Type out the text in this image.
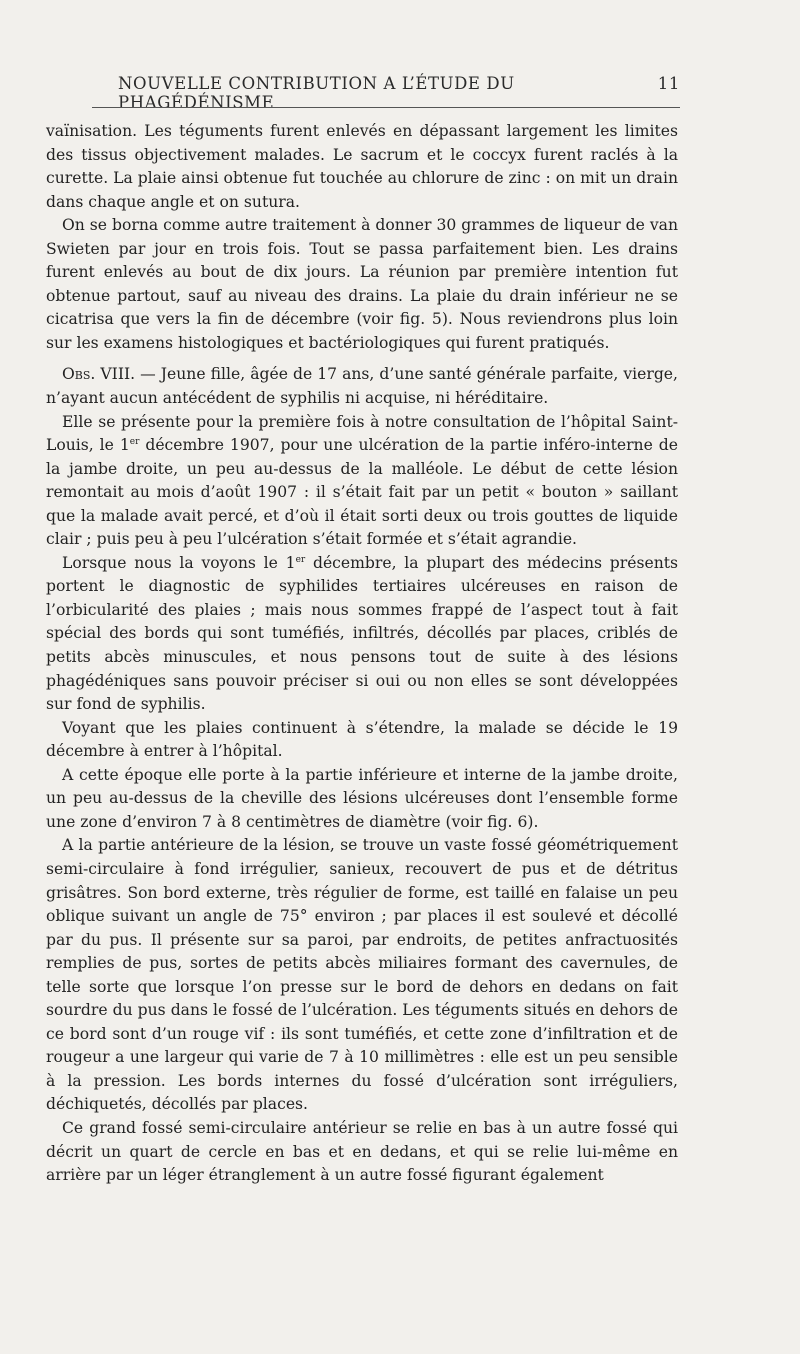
NOUVELLE CONTRIBUTION A L’ÉTUDE DU PHAGÉDÉNISME
11

vaïnisation. Les téguments furent enlevés en dépassant largement les limites des tissus objectivement malades. Le sacrum et le coccyx furent raclés à la curette. La plaie ainsi obtenue fut touchée au chlorure de zinc : on mit un drain dans chaque angle et on sutura.

On se borna comme autre traitement à donner 30 grammes de liqueur de van Swieten par jour en trois fois. Tout se passa parfaitement bien. Les drains furent enlevés au bout de dix jours. La réunion par première intention fut obtenue partout, sauf au niveau des drains. La plaie du drain inférieur ne se cicatrisa que vers la fin de décembre (voir fig. 5). Nous reviendrons plus loin sur les examens histologiques et bactériologiques qui furent pratiqués.

Obs. VIII. — Jeune fille, âgée de 17 ans, d’une santé générale parfaite, vierge, n’ayant aucun antécédent de syphilis ni acquise, ni héréditaire.

Elle se présente pour la première fois à notre consultation de l’hôpital Saint-Louis, le 1er décembre 1907, pour une ulcération de la partie inféro-interne de la jambe droite, un peu au-dessus de la malléole. Le début de cette lésion remontait au mois d’août 1907 : il s’était fait par un petit « bouton » saillant que la malade avait percé, et d’où il était sorti deux ou trois gouttes de liquide clair ; puis peu à peu l’ulcération s’était formée et s’était agrandie.

Lorsque nous la voyons le 1er décembre, la plupart des médecins présents portent le diagnostic de syphilides tertiaires ulcéreuses en raison de l’orbicularité des plaies ; mais nous sommes frappé de l’aspect tout à fait spécial des bords qui sont tuméfiés, infiltrés, décollés par places, criblés de petits abcès minuscules, et nous pensons tout de suite à des lésions phagédéniques sans pouvoir préciser si oui ou non elles se sont développées sur fond de syphilis.

Voyant que les plaies continuent à s’étendre, la malade se décide le 19 décembre à entrer à l’hôpital.

A cette époque elle porte à la partie inférieure et interne de la jambe droite, un peu au-dessus de la cheville des lésions ulcéreuses dont l’ensemble forme une zone d’environ 7 à 8 centimètres de diamètre (voir fig. 6).

A la partie antérieure de la lésion, se trouve un vaste fossé géométriquement semi-circulaire à fond irrégulier, sanieux, recouvert de pus et de détritus grisâtres. Son bord externe, très régulier de forme, est taillé en falaise un peu oblique suivant un angle de 75° environ ; par places il est soulevé et décollé par du pus. Il présente sur sa paroi, par endroits, de petites anfractuosités remplies de pus, sortes de petits abcès miliaires formant des cavernules, de telle sorte que lorsque l’on presse sur le bord de dehors en dedans on fait sourdre du pus dans le fossé de l’ulcération. Les téguments situés en dehors de ce bord sont d’un rouge vif : ils sont tuméfiés, et cette zone d’infiltration et de rougeur a une largeur qui varie de 7 à 10 millimètres : elle est un peu sensible à la pression. Les bords internes du fossé d’ulcération sont irréguliers, déchiquetés, décollés par places.

Ce grand fossé semi-circulaire antérieur se relie en bas à un autre fossé qui décrit un quart de cercle en bas et en dedans, et qui se relie lui-même en arrière par un léger étranglement à un autre fossé figurant également
